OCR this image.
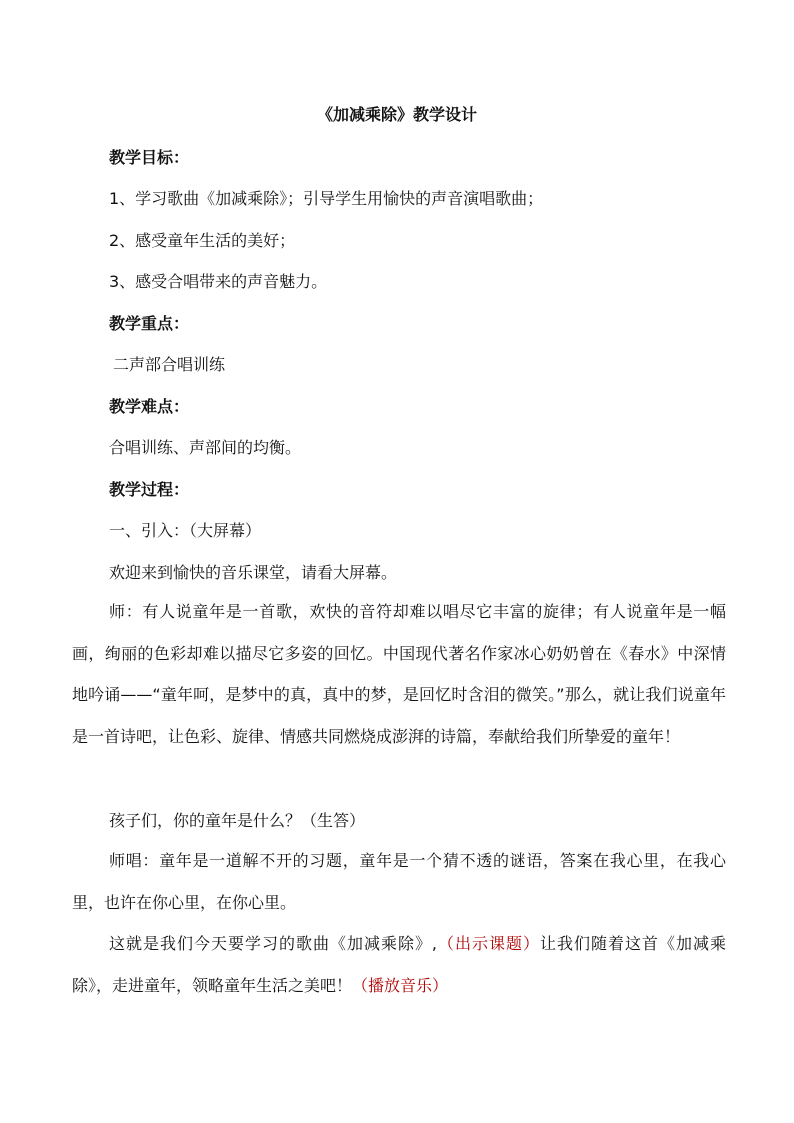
《加减乘除》教学设计
教学目标：
1、学习歌曲《加减乘除》；引导学生用愉快的声音演唱歌曲；
2、感受童年生活的美好；
3、感受合唱带来的声音魅力。
教学重点：
二声部合唱训练
教学难点：
合唱训练、声部间的均衡。
教学过程：
一、引入：（大屏幕）
欢迎来到愉快的音乐课堂，请看大屏幕。
师：有人说童年是一首歌，欢快的音符却难以唱尽它丰富的旋律；有人说童年是一幅画，绚丽的色彩却难以描尽它多姿的回忆。中国现代著名作家冰心奶奶曾在《春水》中深情地吟诵——“童年呵，是梦中的真，真中的梦，是回忆时含泪的微笑。”那么，就让我们说童年是一首诗吧，让色彩、旋律、情感共同燃烧成澎湃的诗篇，奉献给我们所挚爱的童年！
孩子们，你的童年是什么？（生答）
师唱：童年是一道解不开的习题，童年是一个猜不透的谜语，答案在我心里，在我心里，也许在你心里，在你心里。
这就是我们今天要学习的歌曲《加减乘除》,（出示课题）让我们随着这首《加减乘除》，走进童年，领略童年生活之美吧！（播放音乐）
